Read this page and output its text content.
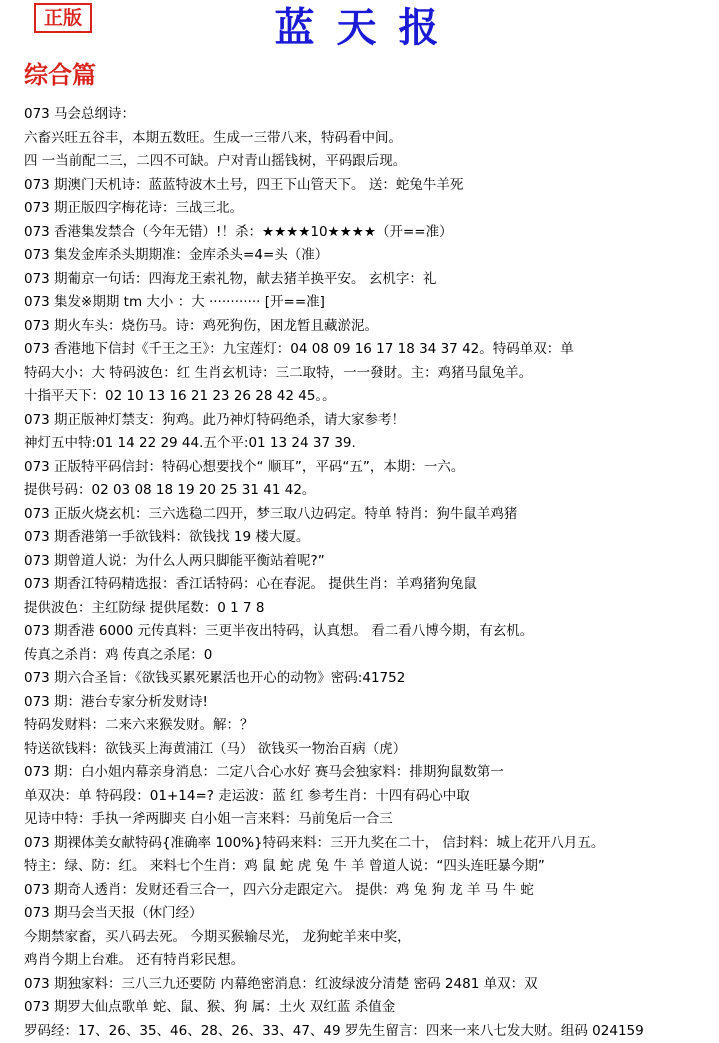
正版	蓝天报
综合篇
073 马会总纲诗：
六畜兴旺五谷丰，本期五数旺。生成一三带八来，特码看中间。
四 一当前配二三，二四不可缺。户对青山摇钱树，平码跟后现。
073 期澳门天机诗：蓝蓝特波木土号，四王下山管天下。 送：蛇兔牛羊死
073 期正版四字梅花诗：三战三北。
073 香港集发禁合（今年无错）!！杀：★★★★10★★★★（开==准）
073 集发金库杀头期期准：金库杀头=4=头（准）
073 期葡京一句话：四海龙王索礼物，献去猪羊换平安。 玄机字：礼
073 集发※期期 tm 大小 ：大 ············ [开==准]
073 期火车头：烧伤马。诗：鸡死狗伤，困龙暂且藏淤泥。
073 香港地下信封《千王之王》：九宝莲灯：04 08 09 16 17 18 34 37 42。特码单双：单
特码大小：大 特码波色：红 生肖玄机诗：三二取特，一一發財。主：鸡猪马鼠兔羊。
十指平天下：02 10 13 16 21 23 26 28 42 45。。
073 期正版神灯禁支：狗鸡。此乃神灯特码绝杀，请大家参考！
神灯五中特:01 14 22 29 44.五个平:01 13 24 37 39.
073 正版特平码信封：特码心想要找个“ 顺耳”，平码“五”，本期：一六。
提供号码：02 03 08 18 19 20 25 31 41 42。
073 正版火烧玄机：三六选稳二四开，梦三取八边码定。特单 特肖：狗牛鼠羊鸡猪
073 期香港第一手欲钱料：欲钱找 19 楼大厦。
073 期曾道人说：为什么人两只脚能平衡站着呢?”
073 期香江特码精选报：香江话特码：心在春泥。 提供生肖：羊鸡猪狗兔鼠
提供波色：主红防绿 提供尾数：0 1 7 8
073 期香港 6000 元传真料：三更半夜出特码，认真想。 看二看八博今期，有玄机。
传真之杀肖：鸡 传真之杀尾：0
073 期六合圣旨：《欲钱买累死累活也开心的动物》密码:41752
073 期：港台专家分析发财诗!
特码发财料：二来六来猴发财。解：？
特送欲钱料：欲钱买上海黄浦江（马） 欲钱买一物治百病（虎）
073 期：白小姐内幕亲身消息：二定八合心水好 赛马会独家料：排期狗鼠数第一
单双决：单 特码段：01+14=? 走运波：蓝 红 参考生肖：十四有码心中取
见诗中特：手执一斧两脚夹 白小姐一言来料：马前兔后一合三
073 期裸体美女献特码{准确率 100%}特码来料：三开九奖在二十， 信封料：城上花开八月五。
特主：绿、防：红。 来料七个生肖：鸡 鼠 蛇 虎 兔 牛 羊 曾道人说：“四头连旺暴今期”
073 期奇人透肖：发财还看三合一，四六分走跟定六。 提供：鸡 兔 狗 龙 羊 马 牛 蛇
073 期马会当天报（休门经）
今期禁家畜，买八码去死。 今期买猴输尽光， 龙狗蛇羊来中奖，
鸡肖今期上台难。 还有特肖彩民想。
073 期独家料：三八三九还要防 内幕绝密消息：红波绿波分清楚 密码 2481 单双：双
073 期罗大仙点歌单 蛇、鼠、猴、狗 属：土火 双红蓝 杀值金
罗码经：17、26、35、46、28、26、33、47、49 罗先生留言：四来一来八七发大财。组码 024159
